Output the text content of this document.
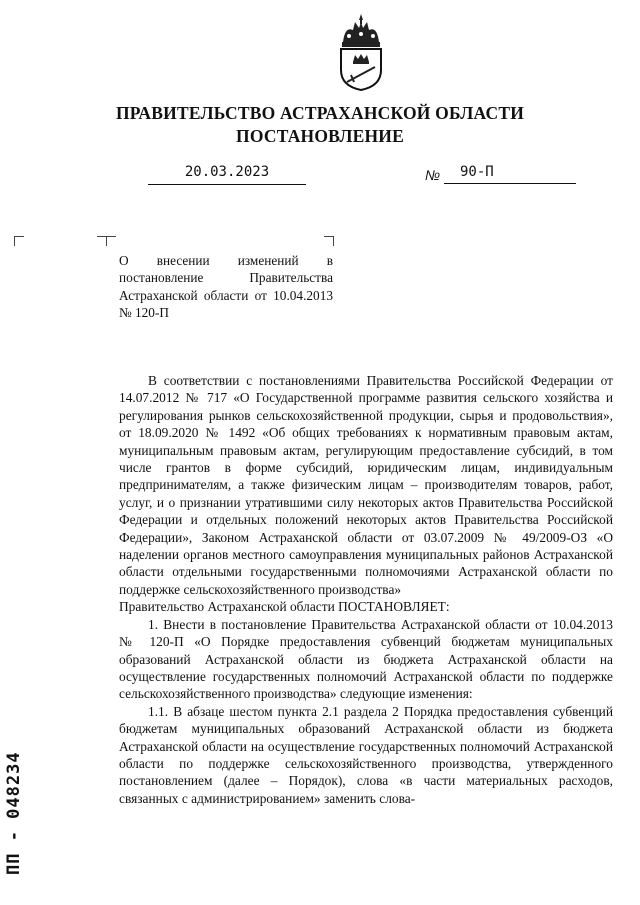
ПРАВИТЕЛЬСТВО АСТРАХАНСКОЙ ОБЛАСТИ
ПОСТАНОВЛЕНИЕ
20.03.2023	№	90-П

О внесении изменений в постановление Правительства Астраханской области от 10.04.2013 № 120-П

В соответствии с постановлениями Правительства Российской Федерации от 14.07.2012 № 717 «О Государственной программе развития сельского хозяйства и регулирования рынков сельскохозяйственной продукции, сырья и продовольствия», от 18.09.2020 № 1492 «Об общих требованиях к нормативным правовым актам, муниципальным правовым актам, регулирующим предоставление субсидий, в том числе грантов в форме субсидий, юридическим лицам, индивидуальным предпринимателям, а также физическим лицам – производителям товаров, работ, услуг, и о признании утратившими силу некоторых актов Правительства Российской Федерации и отдельных положений некоторых актов Правительства Российской Федерации», Законом Астраханской области от 03.07.2009 № 49/2009-ОЗ «О наделении органов местного самоуправления муниципальных районов Астраханской области отдельными государственными полномочиями Астраханской области по поддержке сельскохозяйственного производства»

Правительство Астраханской области ПОСТАНОВЛЯЕТ:

1. Внести в постановление Правительства Астраханской области от 10.04.2013 № 120-П «О Порядке предоставления субвенций бюджетам муниципальных образований Астраханской области из бюджета Астраханской области на осуществление государственных полномочий Астраханской области по поддержке сельскохозяйственного производства» следующие изменения:

1.1. В абзаце шестом пункта 2.1 раздела 2 Порядка предоставления субвенций бюджетам муниципальных образований Астраханской области из бюджета Астраханской области на осуществление государственных полномочий Астраханской области по поддержке сельскохозяйственного производства, утвержденного постановлением (далее – Порядок), слова «в части материальных расходов, связанных с администрированием» заменить слова-

ПП - 048234
